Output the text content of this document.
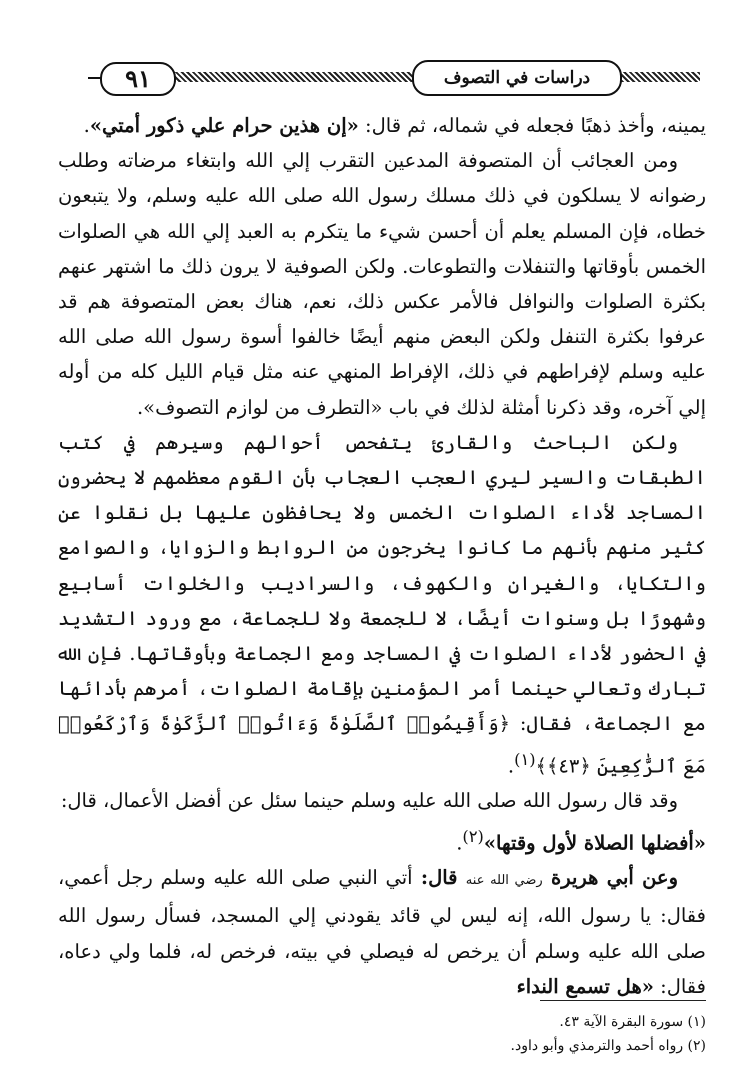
٩١	دراسات في التصوف

يمينه، وأخذ ذهبًا فجعله في شماله، ثم قال: «إن هذين حرام علي ذكور أمتي».

ومن العجائب أن المتصوفة المدعين التقرب إلي الله وابتغاء مرضاته وطلب رضوانه لا يسلكون في ذلك مسلك رسول الله صلى الله عليه وسلم، ولا يتبعون خطاه، فإن المسلم يعلم أن أحسن شيء ما يتكرم به العبد إلي الله هي الصلوات الخمس بأوقاتها والتنفلات والتطوعات. ولكن الصوفية لا يرون ذلك ما اشتهر عنهم بكثرة الصلوات والنوافل فالأمر عكس ذلك، نعم، هناك بعض المتصوفة هم قد عرفوا بكثرة التنفل ولكن البعض منهم أيضًا خالفوا أسوة رسول الله صلى الله عليه وسلم لإفراطهم في ذلك، الإفراط المنهي عنه مثل قيام الليل كله من أوله إلي آخره، وقد ذكرنا أمثلة لذلك في باب «التطرف من لوازم التصوف».

ولكن الباحث والقارئ يتفحص أحوالهم وسيرهم في كتب الطبقات والسير ليري العجب العجاب بأن القوم معظمهم لا يحضرون المساجد لأداء الصلوات الخمس ولا يحافظون عليها بل نقلوا عن كثير منهم بأنهم ما كانوا يخرجون من الروابط والزوايا، والصوامع والتكايا، والغيران والكهوف، والسراديب والخلوات أسابيع وشهورًا بل وسنوات أيضًا، لا للجمعة ولا للجماعة، مع ورود التشديد في الحضور لأداء الصلوات في المساجد ومع الجماعة وبأوقاتها. فإن الله تبارك وتعالي حينما أمر المؤمنين بإقامة الصلوات، أمرهم بأدائها مع الجماعة، فقال: ﴿وَأَقِيمُوا۟ ٱلصَّلَوٰةَ وَءَاتُوا۟ ٱلزَّكَوٰةَ وَٱرْكَعُوا۟ مَعَ ٱلرَّٰكِعِينَ ﴿٤٣﴾﴾$^{(١)}$.

وقد قال رسول الله صلى الله عليه وسلم حينما سئل عن أفضل الأعمال، قال:
«أفضلها الصلاة لأول وقتها»$^{(٢)}$.

وعن أبي هريرة رضي الله عنه قال: أتي النبي صلى الله عليه وسلم رجل أعمي، فقال: يا رسول الله، إنه ليس لي قائد يقودني إلي المسجد، فسأل رسول الله صلى الله عليه وسلم أن يرخص له فيصلي في بيته، فرخص له، فلما ولي دعاه، فقال: «هل تسمع النداء

(١) سورة البقرة الآية ٤٣.

(٢) رواه أحمد والترمذي وأبو داود.
